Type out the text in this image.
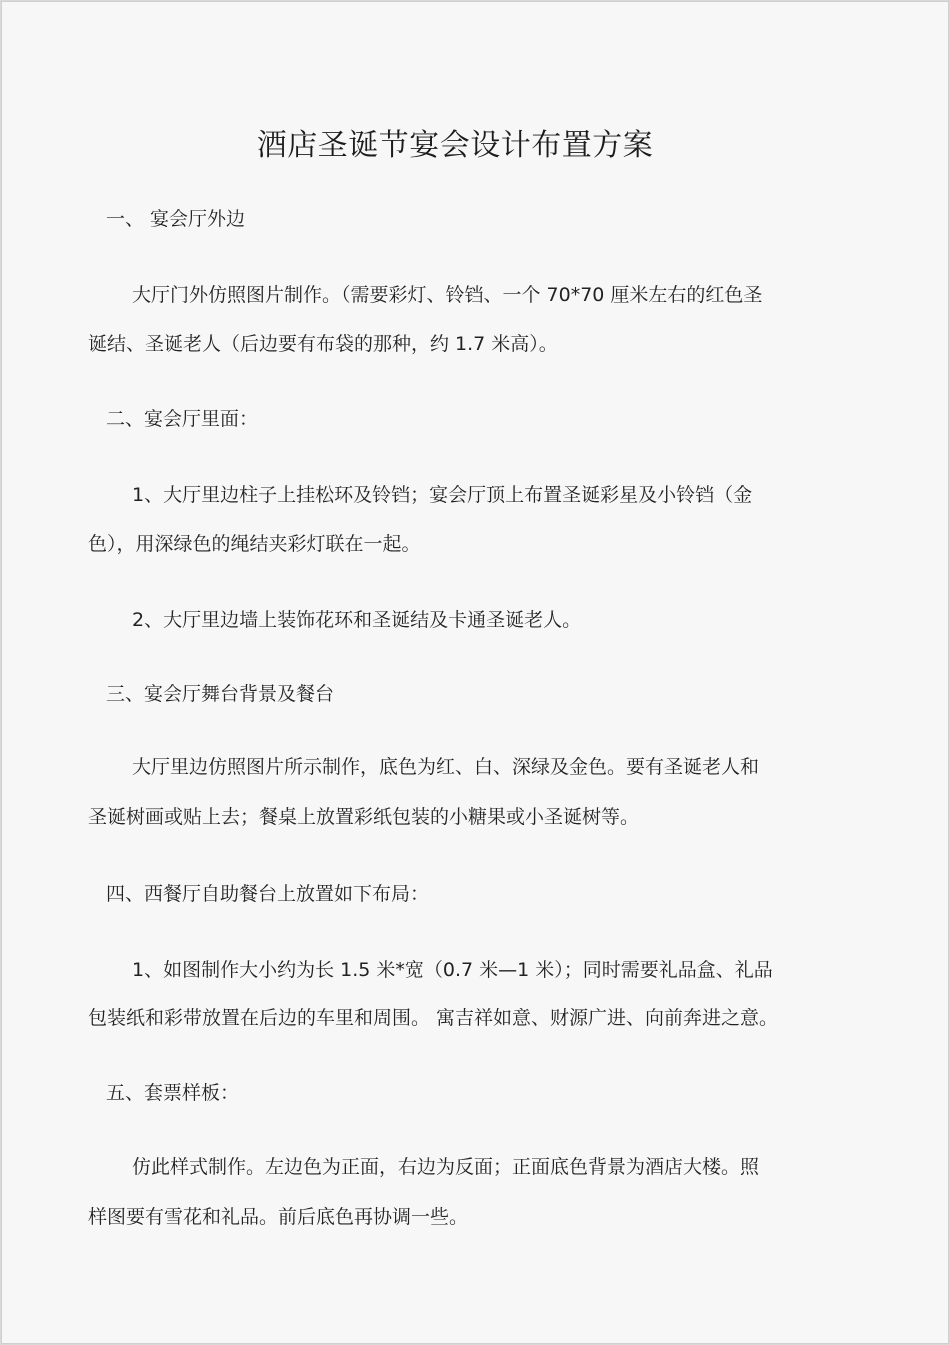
酒店圣诞节宴会设计布置方案
一、 宴会厅外边
大厅门外仿照图片制作。（需要彩灯、铃铛、一个 70*70 厘米左右的红色圣
诞结、圣诞老人（后边要有布袋的那种，约 1.7 米高）。
二、宴会厅里面：
1、大厅里边柱子上挂松环及铃铛；宴会厅顶上布置圣诞彩星及小铃铛（金
色），用深绿色的绳结夹彩灯联在一起。
2、大厅里边墙上装饰花环和圣诞结及卡通圣诞老人。
三、宴会厅舞台背景及餐台
大厅里边仿照图片所示制作，底色为红、白、深绿及金色。要有圣诞老人和
圣诞树画或贴上去；餐桌上放置彩纸包装的小糖果或小圣诞树等。
四、西餐厅自助餐台上放置如下布局：
1、如图制作大小约为长 1.5 米*宽（0.7 米—1 米）；同时需要礼品盒、礼品
包装纸和彩带放置在后边的车里和周围。 寓吉祥如意、财源广进、向前奔进之意。
五、套票样板：
仿此样式制作。左边色为正面，右边为反面；正面底色背景为酒店大楼。照
样图要有雪花和礼品。前后底色再协调一些。
